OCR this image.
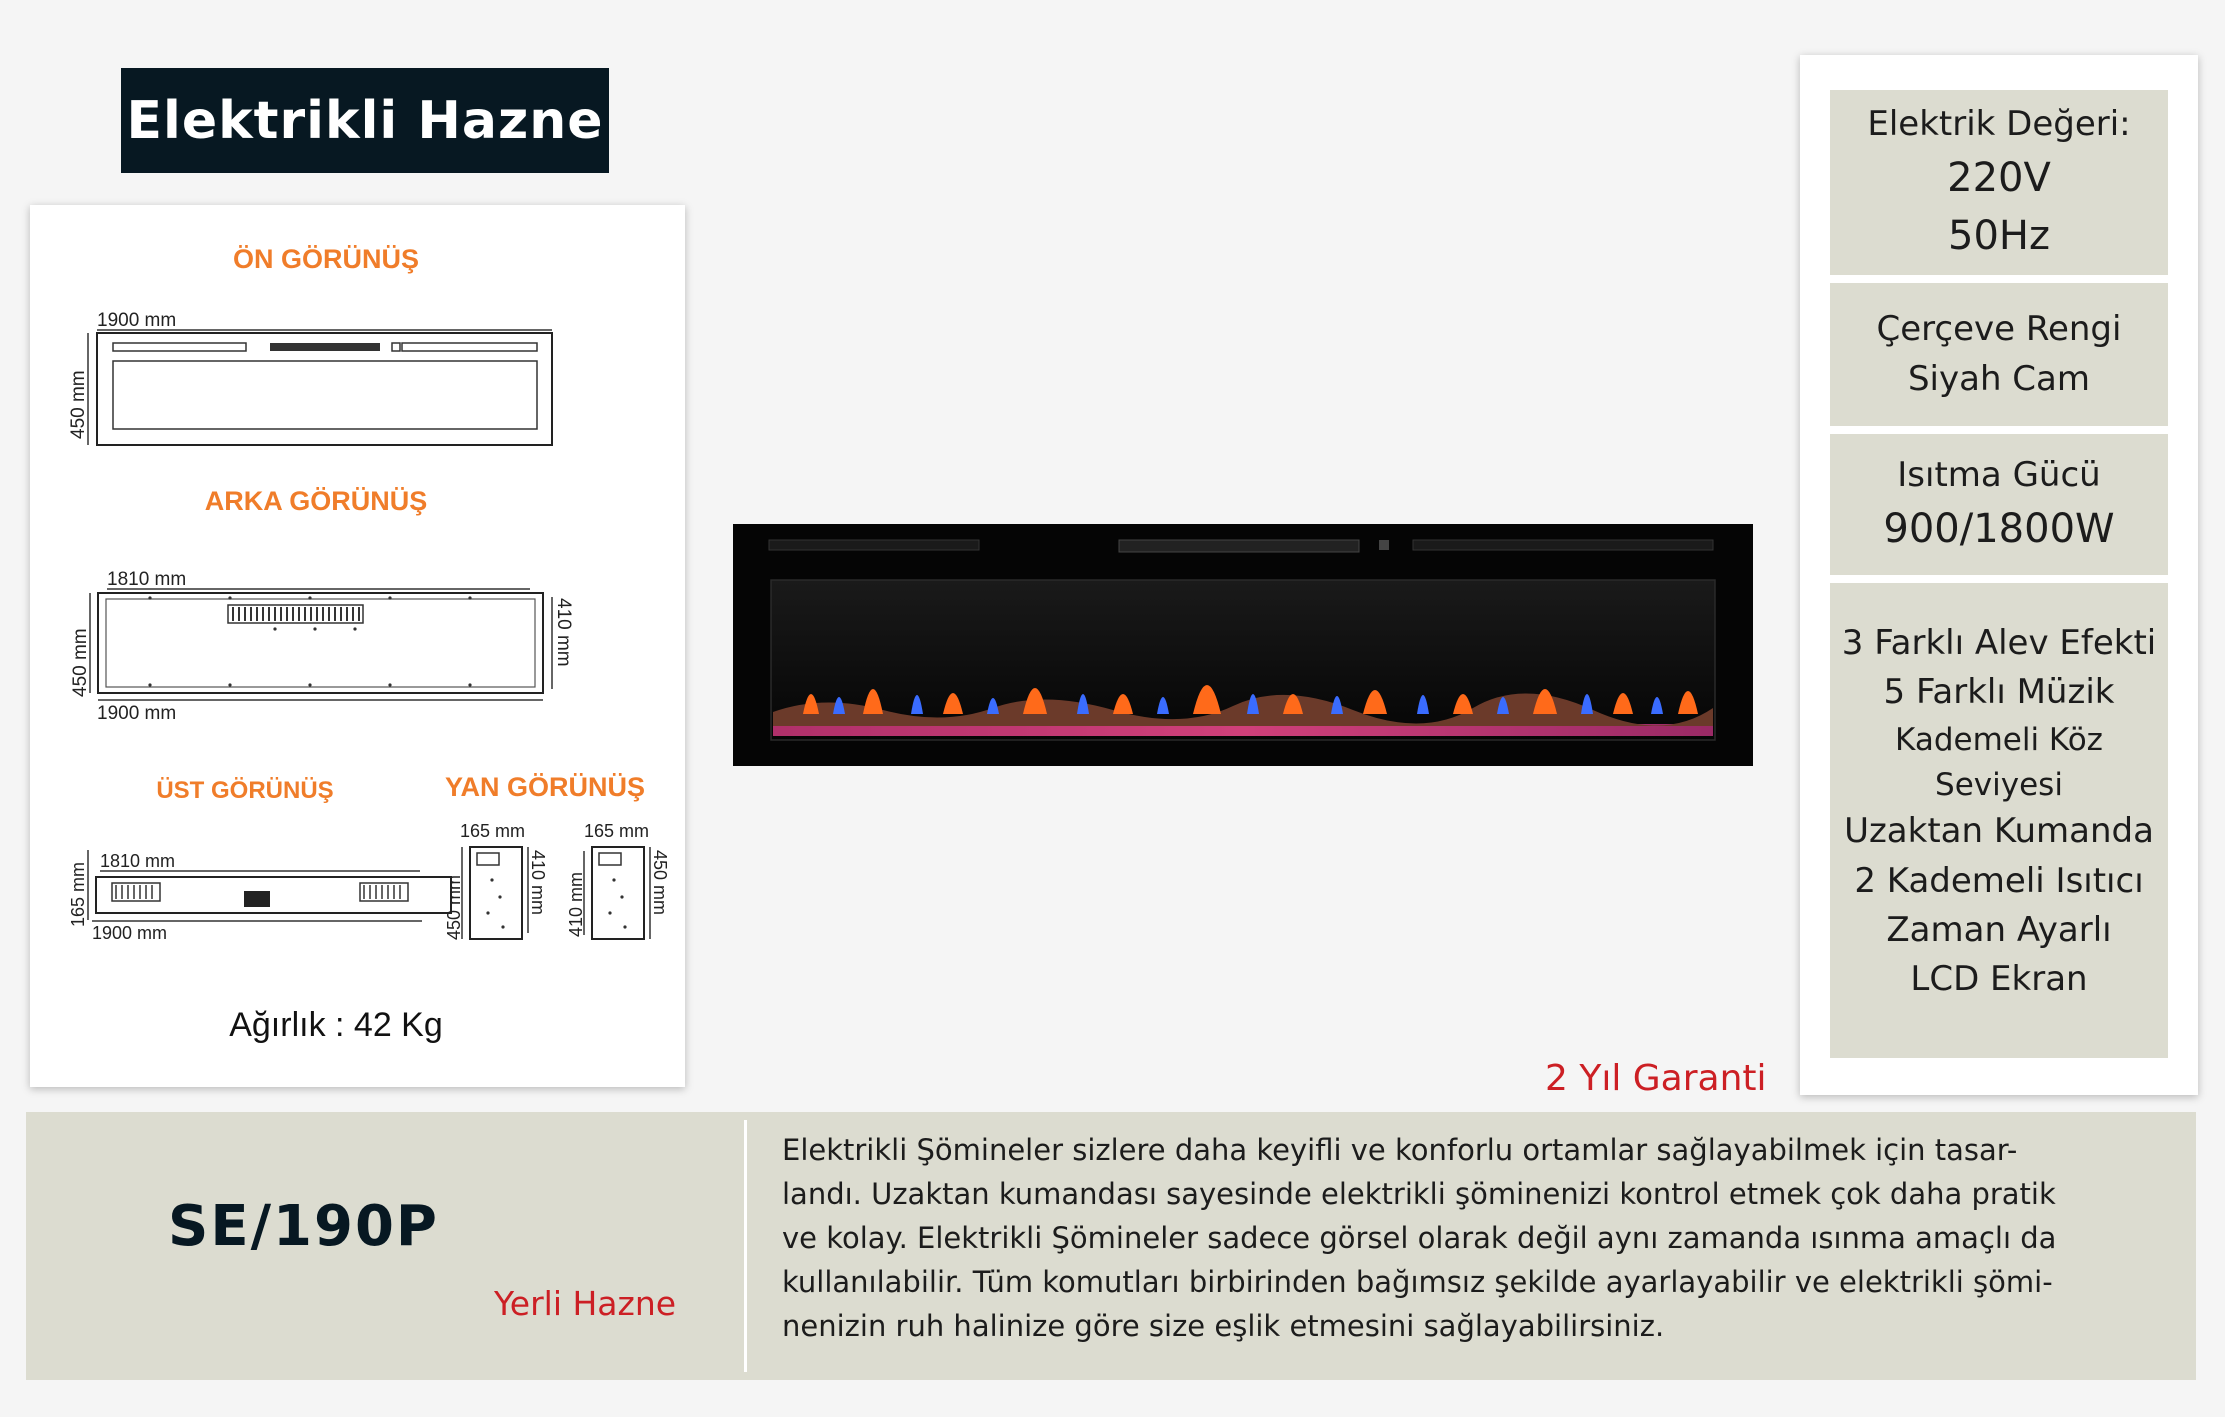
Elektrikli Hazne
ÖN GÖRÜNÜŞ
1900 mm
450 mm
ARKA GÖRÜNÜŞ
1810 mm
450 mm	410 mm
1900 mm
ÜST GÖRÜNÜŞ
1810 mm
165 mm
1900 mm
YAN GÖRÜNÜŞ
165 mm
450 mm	410 mm
165 mm
410 mm	450 mm
Ağırlık : 42 Kg
Elektrik Değeri:
220V
50Hz
Çerçeve Rengi
Siyah Cam
Isıtma Gücü
900/1800W
3 Farklı Alev Efekti
5 Farklı Müzik
Kademeli Köz Seviyesi
Uzaktan Kumanda
2 Kademeli Isıtıcı
Zaman Ayarlı
LCD Ekran
2 Yıl Garanti
SE/190P
Yerli Hazne
Elektrikli Şömineler sizlere daha keyifli ve konforlu ortamlar sağlayabilmek için tasar-
landı. Uzaktan kumandası sayesinde elektrikli şöminenizi kontrol etmek çok daha pratik
ve kolay. Elektrikli Şömineler sadece görsel olarak değil aynı zamanda ısınma amaçlı da
kullanılabilir. Tüm komutları birbirinden bağımsız şekilde ayarlayabilir ve elektrikli şömi-
nenizin ruh halinize göre size eşlik etmesini sağlayabilirsiniz.
